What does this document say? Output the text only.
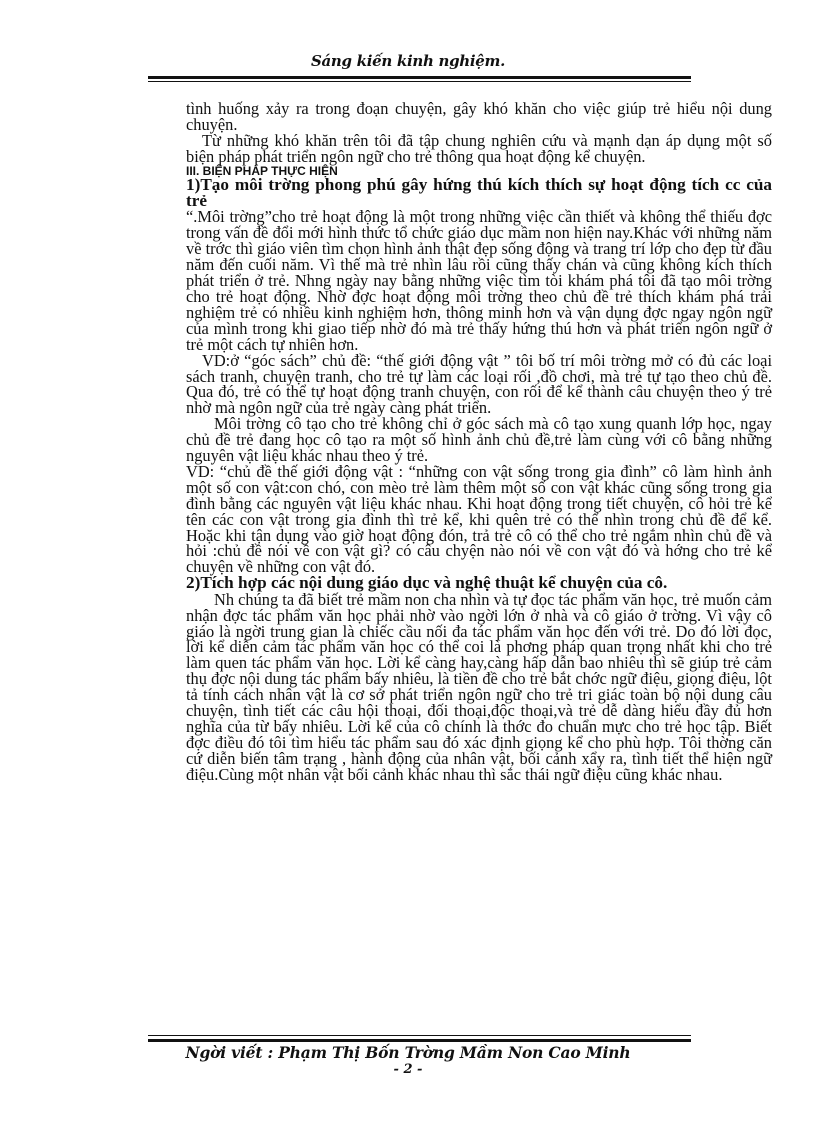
Sáng kiến kinh nghiệm.

tình huống xảy ra trong đoạn chuyện, gây khó khăn cho việc giúp trẻ hiểu nội dung chuyện.

Từ những khó khăn trên tôi đã tập chung nghiên cứu và mạnh dạn áp dụng một số biện pháp phát triển ngôn ngữ cho trẻ thông qua hoạt động kể chuyện.

III. BIỆN PHÁP THỰC HIỆN

1)Tạo môi trờng phong phú gây hứng thú kích thích sự hoạt động tích cc của trẻ

“.Môi trờng”cho trẻ hoạt động là một trong những việc cần thiết và không thể thiếu đợc trong vấn đề đổi mới hình thức tổ chức giáo dục mầm non hiện nay.Khác với những năm về trớc thì giáo viên tìm chọn hình ảnh thật đẹp sống động và trang trí lớp cho đẹp từ đầu năm đến cuối năm. Vì thế mà trẻ nhìn lâu rồi cũng thấy chán và cũng không kích thích phát triển ở trẻ. Nhng ngày nay bằng những việc tìm tòi khám phá tôi đã tạo môi trờng cho trẻ hoạt động. Nhờ đợc hoạt động môi trờng theo chủ đề trẻ thích khám phá trải nghiệm trẻ có nhiều kinh nghiệm hơn, thông minh hơn và vận dụng đợc ngay ngôn ngữ của mình trong khi giao tiếp nhờ đó mà trẻ thấy hứng thú hơn và phát triển ngôn ngữ ở trẻ một cách tự nhiên hơn.

VD:ở “góc sách” chủ đề: “thế giới động vật ” tôi bố trí môi trờng mở có đủ các loại sách tranh, chuyện tranh, cho trẻ tự làm các loại rối ,đồ chơi, mà trẻ tự tạo theo chủ đề. Qua đó, trẻ có thể tự hoạt động tranh chuyện, con rối để kể thành câu chuyện theo ý trẻ nhờ mà ngôn ngữ của trẻ ngày càng phát triển.

Môi trờng cô tạo cho trẻ không chỉ ở góc sách mà cô tạo xung quanh lớp học, ngay chủ đề trẻ đang học cô tạo ra một số hình ảnh chủ đề,trẻ làm cùng với cô bằng những nguyên vật liệu khác nhau theo ý trẻ.

VD: “chủ đề thế giới động vật : “những con vật sống trong gia đình” cô làm hình ảnh một số con vật:con chó, con mèo trẻ làm thêm một số con vật khác cũng sống trong gia đình bằng các nguyên vật liệu khác nhau. Khi hoạt động trong tiết chuyện, cô hỏi trẻ kể tên các con vật trong gia đình thì trẻ kể, khi quên trẻ có thể nhìn trong chủ đề để kể. Hoặc khi tận dụng vào giờ hoạt động đón, trả trẻ cô có thể cho trẻ ngắm nhìn chủ đề và hỏi :chủ đề nói về con vật gì? có câu chyện nào nói về con vật đó và hớng cho trẻ kể chuyện về những con vật đó.

2)Tích hợp các nội dung giáo dục và nghệ thuật kể chuyện của cô.

Nh chúng ta đã biết trẻ mầm non cha nhìn và tự đọc tác phẩm văn học, trẻ muốn cảm nhận đợc tác phẩm văn học phải nhờ vào ngời lớn ở nhà và cô giáo ở trờng. Vì vậy cô giáo là ngời trung gian là chiếc cầu nối đa tác phẩm văn học đến với trẻ. Do đó lời đọc, lời kể diễn cảm tác phẩm văn học có thể coi là phơng pháp quan trọng nhất khi cho trẻ làm quen tác phẩm văn học. Lời kể càng hay,càng hấp dẫn bao nhiêu thì sẽ giúp trẻ cảm thụ đợc nội dung tác phẩm bấy nhiêu, là tiền đề cho trẻ bắt chớc ngữ điệu, giọng điệu, lột tả tính cách nhân vật là cơ sở phát triển ngôn ngữ cho trẻ tri giác toàn bộ nội dung câu chuyện, tình tiết các câu hội thoại, đối thoại,độc thoại,và trẻ dễ dàng hiểu đầy đủ hơn nghĩa của từ bấy nhiêu. Lời kể của cô chính là thớc đo chuẩn mực cho trẻ học tập. Biết đợc điều đó tôi tìm hiểu tác phẩm sau đó xác định giọng kể cho phù hợp. Tôi thờng căn cứ diễn biến tâm trạng , hành động của nhân vật, bối cảnh xẩy ra, tình tiết thể hiện ngữ điệu.Cùng một nhân vật bối cảnh khác nhau thì sắc thái ngữ điệu cũng khác nhau.

Ngời viết : Phạm Thị Bốn Trờng Mầm Non Cao Minh
- 2 -
